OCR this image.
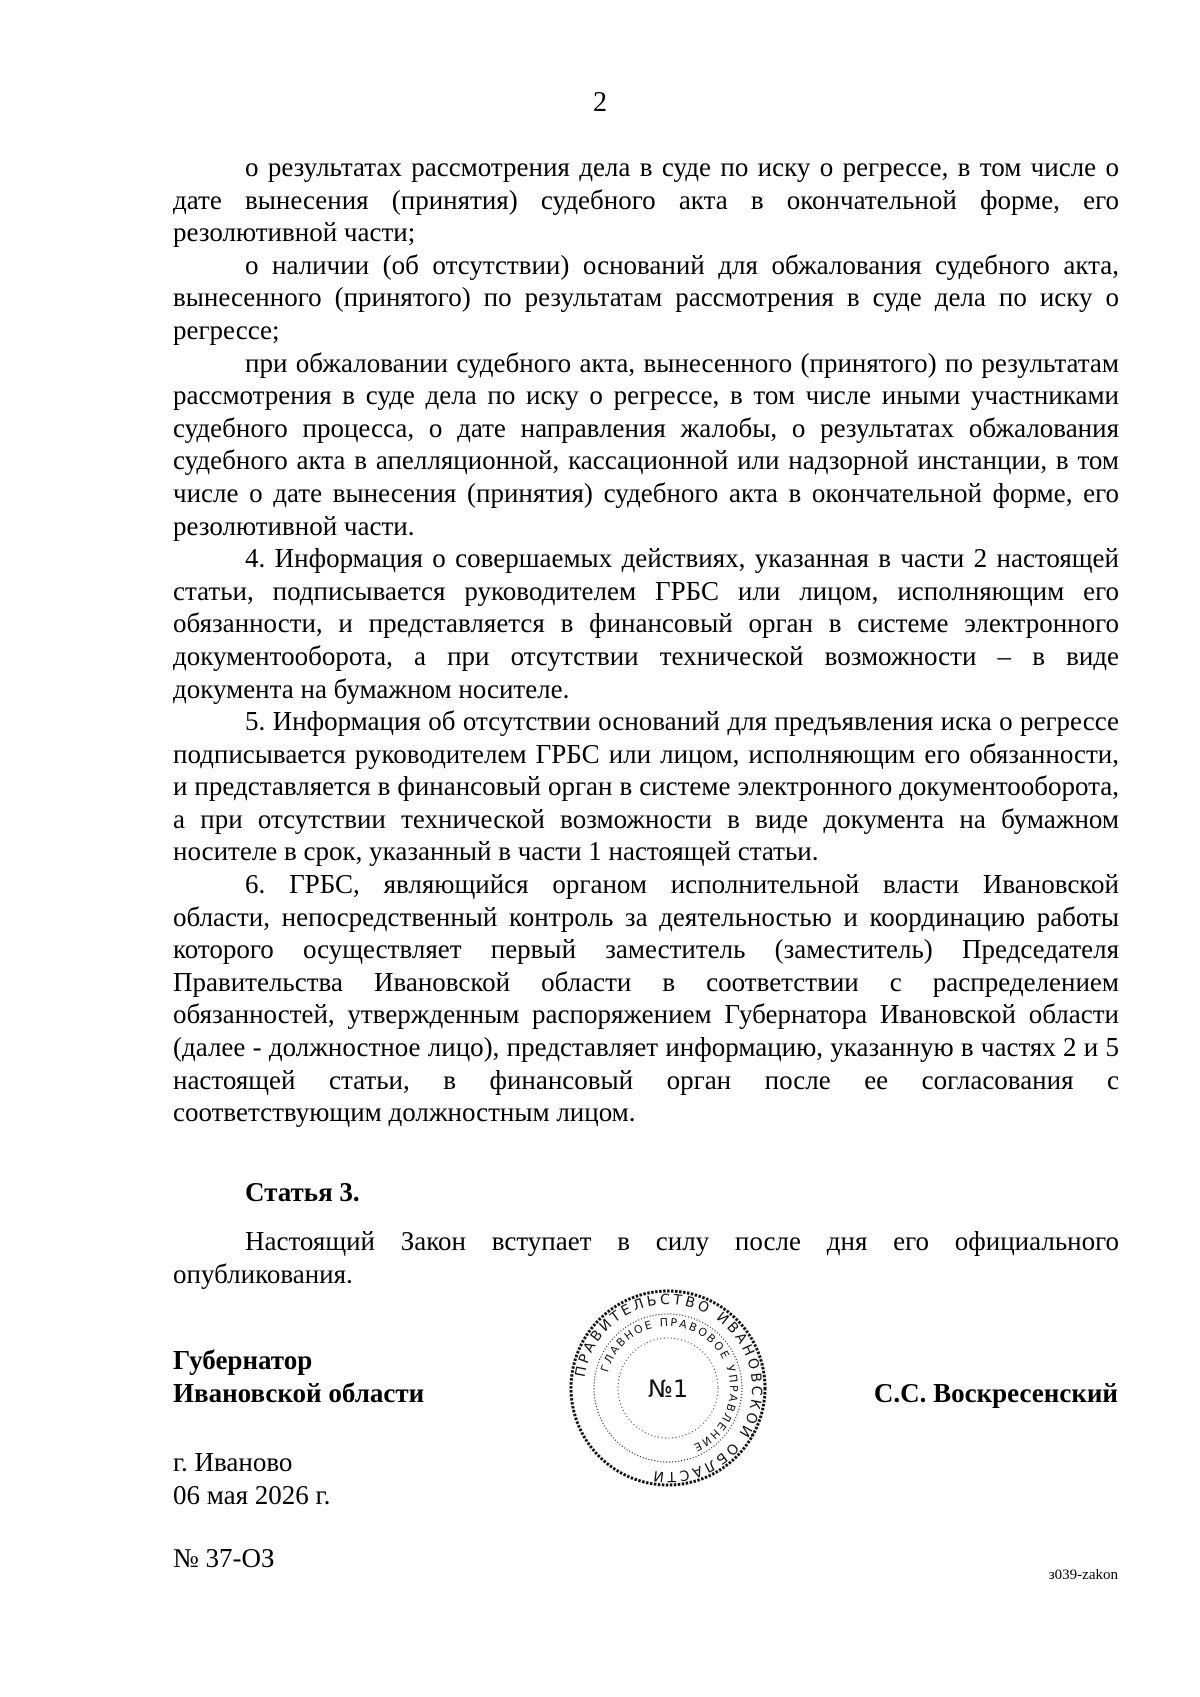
2

о результатах рассмотрения дела в суде по иску о регрессе, в том числе о дате вынесения (принятия) судебного акта в окончательной форме, его резолютивной части;

о наличии (об отсутствии) оснований для обжалования судебного акта, вынесенного (принятого) по результатам рассмотрения в суде дела по иску о регрессе;

при обжаловании судебного акта, вынесенного (принятого) по результатам рассмотрения в суде дела по иску о регрессе, в том числе иными участниками судебного процесса, о дате направления жалобы, о результатах обжалования судебного акта в апелляционной, кассационной или надзорной инстанции, в том числе о дате вынесения (принятия) судебного акта в окончательной форме, его резолютивной части.

4. Информация о совершаемых действиях, указанная в части 2 настоящей статьи, подписывается руководителем ГРБС или лицом, исполняющим его обязанности, и представляется в финансовый орган в системе электронного документооборота, а при отсутствии технической возможности – в виде документа на бумажном носителе.

5. Информация об отсутствии оснований для предъявления иска о регрессе подписывается руководителем ГРБС или лицом, исполняющим его обязанности, и представляется в финансовый орган в системе электронного документооборота, а при отсутствии технической возможности в виде документа на бумажном носителе в срок, указанный в части 1 настоящей статьи.

6. ГРБС, являющийся органом исполнительной власти Ивановской области, непосредственный контроль за деятельностью и координацию работы которого осуществляет первый заместитель (заместитель) Председателя Правительства Ивановской области в соответствии с распределением обязанностей, утвержденным распоряжением Губернатора Ивановской области (далее - должностное лицо), представляет информацию, указанную в частях 2 и 5 настоящей статьи, в финансовый орган после ее согласования с соответствующим должностным лицом.

Статья 3.

Настоящий Закон вступает в силу после дня его официального опубликования.

Губернатор
Ивановской области
ПРАВИТЕЛЬСТВО ИВАНОВСКОЙ ОБЛАСТИ
ГЛАВНОЕ ПРАВОВОЕ УПРАВЛЕНИЕ
№1	С.С. Воскресенский
г. Иваново
06 мая 2026 г.
№ 37-ОЗ
з039-zakon
